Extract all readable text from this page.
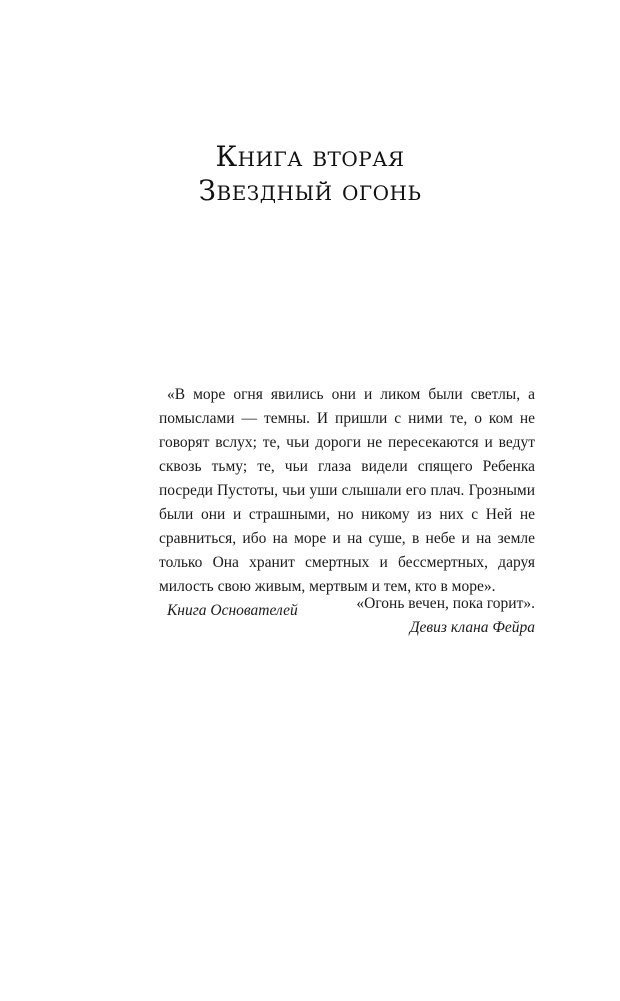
Книга вторая
Звездный огонь

«В море огня явились они и ликом были светлы, а помыслами — темны. И пришли с ними те, о ком не говорят вслух; те, чьи дороги не пересекаются и ведут сквозь тьму; те, чьи глаза видели спящего Ребенка посреди Пустоты, чьи уши слышали его плач. Грозными были они и страшными, но никому из них с Ней не сравниться, ибо на море и на суше, в небе и на земле только Она хранит смертных и бессмертных, даруя милость свою живым, мертвым и тем, кто в море».

Книга Основателей	«Огонь вечен, пока горит».

Девиз клана Фейра
